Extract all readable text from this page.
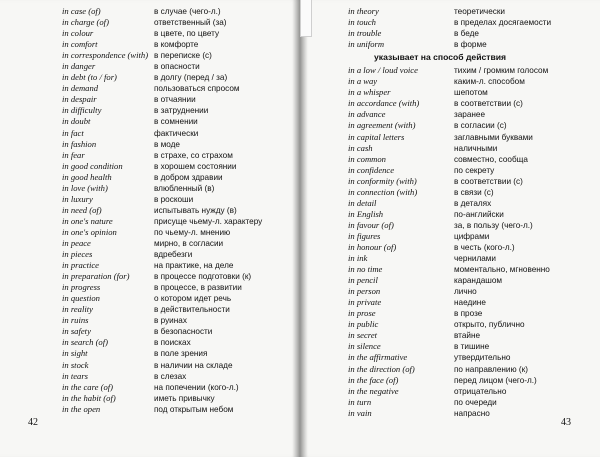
in case (of)	в случае (чего-л.)
in charge (of)	ответственный (за)
in colour	в цвете, по цвету
in comfort	в комфорте
in correspondence (with) в переписке (с)
in danger	в опасности
in debt (to / for)	в долгу (перед / за)
in demand	пользоваться спросом
in despair	в отчаянии
in difficulty	в затруднении
in doubt	в сомнении
in fact	фактически
in fashion	в моде
in fear	в страхе, со страхом
in good condition	в хорошем состоянии
in good health	в добром здравии
in love (with)	влюбленный (в)
in luxury	в роскоши
in need (of)	испытывать нужду (в)
in one's nature	присуще чьему-л. характеру
in one's opinion	по чьему-л. мнению
in peace	мирно, в согласии
in pieces	вдребезги
in practice	на практике, на деле
in preparation (for)	в процессе подготовки (к)
in progress	в процессе, в развитии
in question	о котором идет речь
in reality	в действительности
in ruins	в руинах
in safety	в безопасности
in search (of)	в поисках
in sight	в поле зрения
in stock	в наличии на складе
in tears	в слезах
in the care (of)	на попечении (кого-л.)
in the habit (of)	иметь привычку
in the open	под открытым небом
42
in theory	теоретически
in touch	в пределах досягаемости
in trouble	в беде
in uniform	в форме
указывает на способ действия
in a low / loud voice	тихим / громким голосом
in a way	каким-л. способом
in a whisper	шепотом
in accordance (with)	в соответствии (с)
in advance	заранее
in agreement (with)	в согласии (с)
in capital letters	заглавными буквами
in cash	наличными
in common	совместно, сообща
in confidence	по секрету
in conformity (with)	в соответствии (с)
in connection (with)	в связи (с)
in detail	в деталях
in English	по-английски
in favour (of)	за, в пользу (чего-л.)
in figures	цифрами
in honour (of)	в честь (кого-л.)
in ink	чернилами
in no time	моментально, мгновенно
in pencil	карандашом
in person	лично
in private	наедине
in prose	в прозе
in public	открыто, публично
in secret	втайне
in silence	в тишине
in the affirmative	утвердительно
in the direction (of)	по направлению (к)
in the face (of)	перед лицом (чего-л.)
in the negative	отрицательно
in turn	по очереди
in vain	напрасно
43
